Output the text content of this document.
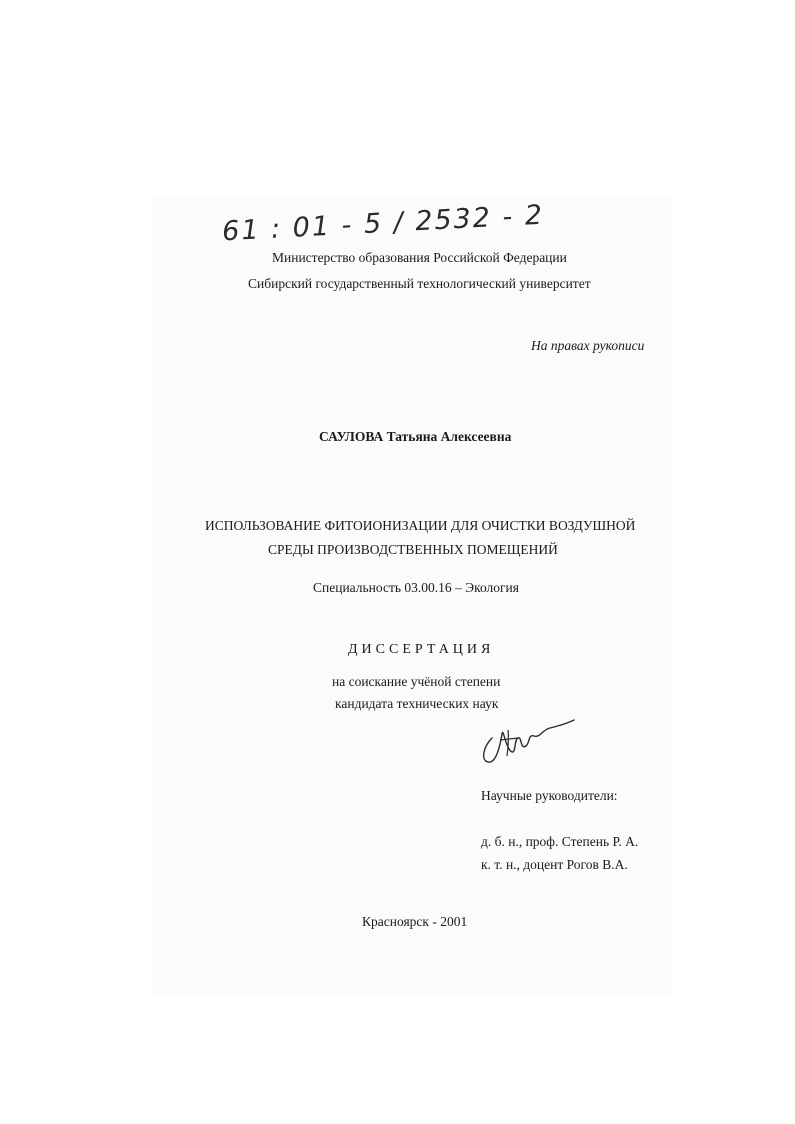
61 : 01 - 5 / 2532 - 2
Министерство образования Российской Федерации
Сибирский государственный технологический университет
На правах рукописи
САУЛОВА Татьяна Алексеевна
ИСПОЛЬЗОВАНИЕ ФИТОИОНИЗАЦИИ ДЛЯ ОЧИСТКИ ВОЗДУШНОЙ
СРЕДЫ ПРОИЗВОДСТВЕННЫХ ПОМЕЩЕНИЙ
Специальность 03.00.16 – Экология
ДИССЕРТАЦИЯ
на соискание учёной степени
кандидата технических наук
Научные руководители:
д. б. н., проф. Степень Р. А.
к. т. н., доцент Рогов В.А.
Красноярск - 2001
